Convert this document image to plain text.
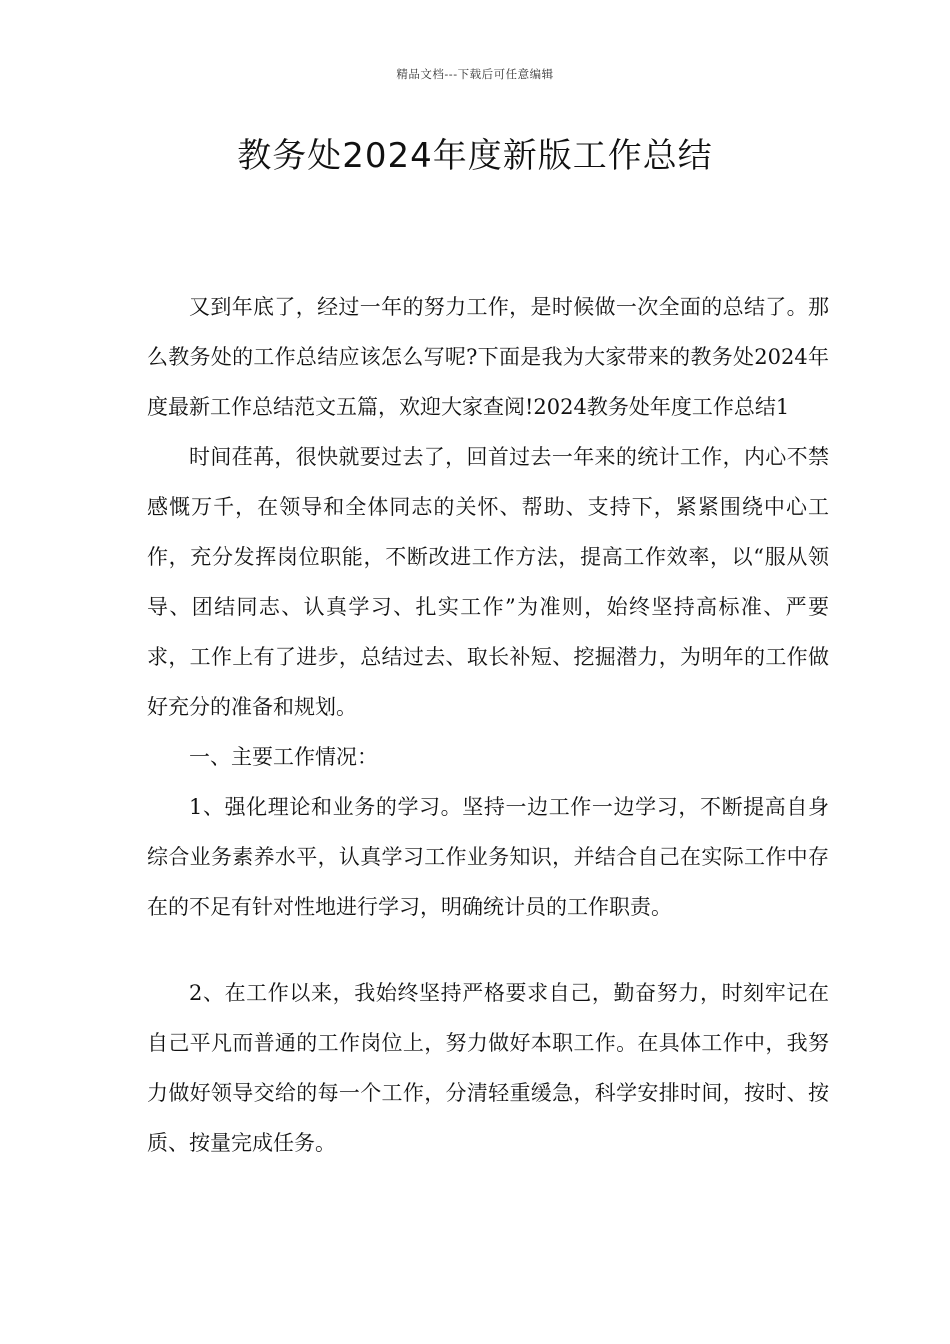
精品文档---下载后可任意编辑
教务处2024年度新版工作总结

又到年底了，经过一年的努力工作，是时候做一次全面的总结了。那么教务处的工作总结应该怎么写呢?下面是我为大家带来的教务处2024年度最新工作总结范文五篇，欢迎大家查阅!2024教务处年度工作总结1

时间荏苒，很快就要过去了，回首过去一年来的统计工作，内心不禁感慨万千，在领导和全体同志的关怀、帮助、支持下，紧紧围绕中心工作，充分发挥岗位职能，不断改进工作方法，提高工作效率，以“服从领导、团结同志、认真学习、扎实工作”为准则，始终坚持高标准、严要求，工作上有了进步，总结过去、取长补短、挖掘潜力，为明年的工作做好充分的准备和规划。

一、主要工作情况：

1、强化理论和业务的学习。坚持一边工作一边学习，不断提高自身综合业务素养水平，认真学习工作业务知识，并结合自己在实际工作中存在的不足有针对性地进行学习，明确统计员的工作职责。

2、在工作以来，我始终坚持严格要求自己，勤奋努力，时刻牢记在自己平凡而普通的工作岗位上，努力做好本职工作。在具体工作中，我努力做好领导交给的每一个工作，分清轻重缓急，科学安排时间，按时、按质、按量完成任务。
